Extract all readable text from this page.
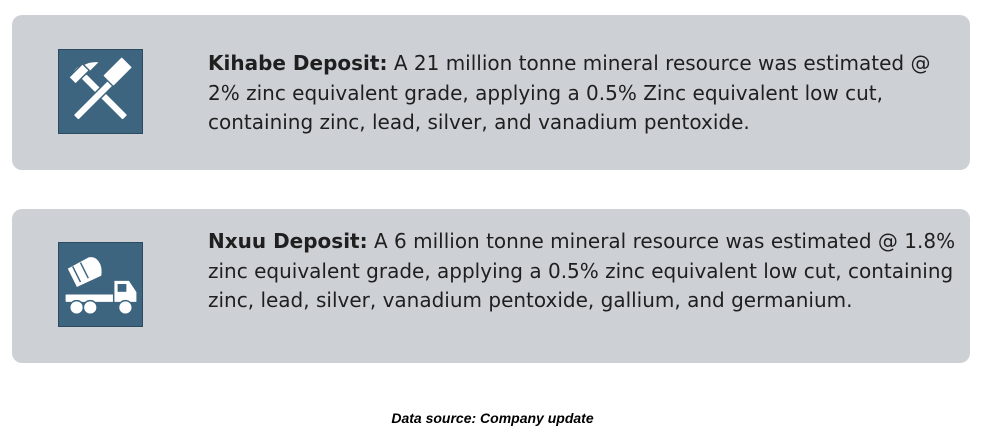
Kihabe Deposit: A 21 million tonne mineral resource was estimated @ 2% zinc equivalent grade, applying a 0.5% Zinc equivalent low cut, containing zinc, lead, silver, and vanadium pentoxide.

Nxuu Deposit: A 6 million tonne mineral resource was estimated @ 1.8% zinc equivalent grade, applying a 0.5% zinc equivalent low cut, containing zinc, lead, silver, vanadium pentoxide, gallium, and germanium.

Data source: Company update
